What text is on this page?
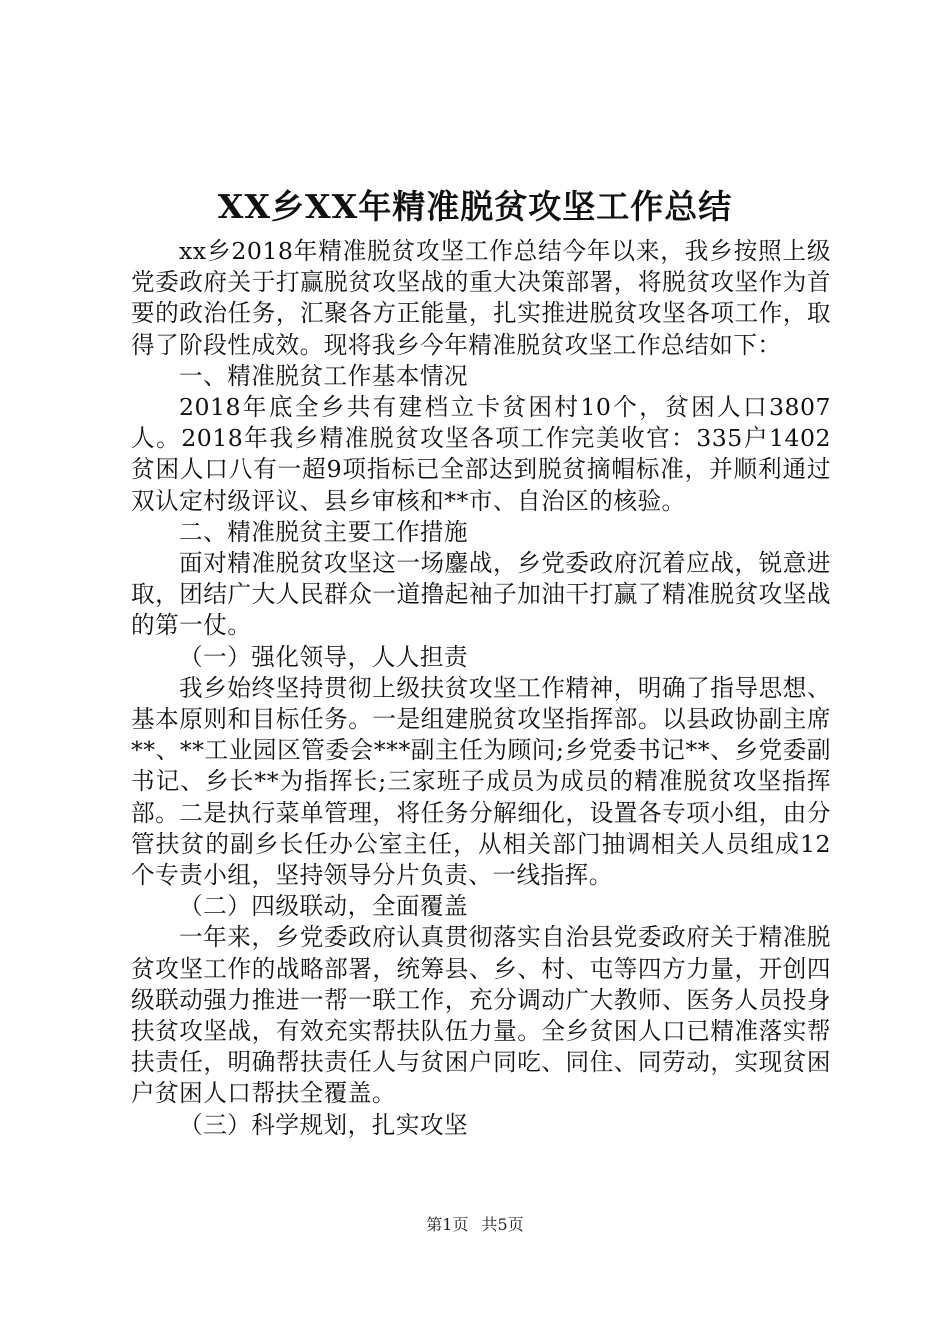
XX乡XX年精准脱贫攻坚工作总结

xx乡2018年精准脱贫攻坚工作总结今年以来，我乡按照上级党委政府关于打赢脱贫攻坚战的重大决策部署，将脱贫攻坚作为首要的政治任务，汇聚各方正能量，扎实推进脱贫攻坚各项工作，取得了阶段性成效。现将我乡今年精准脱贫攻坚工作总结如下：

一、精准脱贫工作基本情况

2018年底全乡共有建档立卡贫困村10个，贫困人口3807人。2018年我乡精准脱贫攻坚各项工作完美收官：335户1402贫困人口八有一超9项指标已全部达到脱贫摘帽标准，并顺利通过双认定村级评议、县乡审核和**市、自治区的核验。

二、精准脱贫主要工作措施

面对精准脱贫攻坚这一场鏖战，乡党委政府沉着应战，锐意进取，团结广大人民群众一道撸起袖子加油干打赢了精准脱贫攻坚战的第一仗。

（一）强化领导，人人担责

我乡始终坚持贯彻上级扶贫攻坚工作精神，明确了指导思想、基本原则和目标任务。一是组建脱贫攻坚指挥部。以县政协副主席**、**工业园区管委会***副主任为顾问;乡党委书记**、乡党委副书记、乡长**为指挥长;三家班子成员为成员的精准脱贫攻坚指挥部。二是执行菜单管理，将任务分解细化，设置各专项小组，由分管扶贫的副乡长任办公室主任，从相关部门抽调相关人员组成12个专责小组，坚持领导分片负责、一线指挥。

（二）四级联动，全面覆盖

一年来，乡党委政府认真贯彻落实自治县党委政府关于精准脱贫攻坚工作的战略部署，统筹县、乡、村、屯等四方力量，开创四级联动强力推进一帮一联工作，充分调动广大教师、医务人员投身扶贫攻坚战，有效充实帮扶队伍力量。全乡贫困人口已精准落实帮扶责任，明确帮扶责任人与贫困户同吃、同住、同劳动，实现贫困户贫困人口帮扶全覆盖。

（三）科学规划，扎实攻坚

第1页 共5页
